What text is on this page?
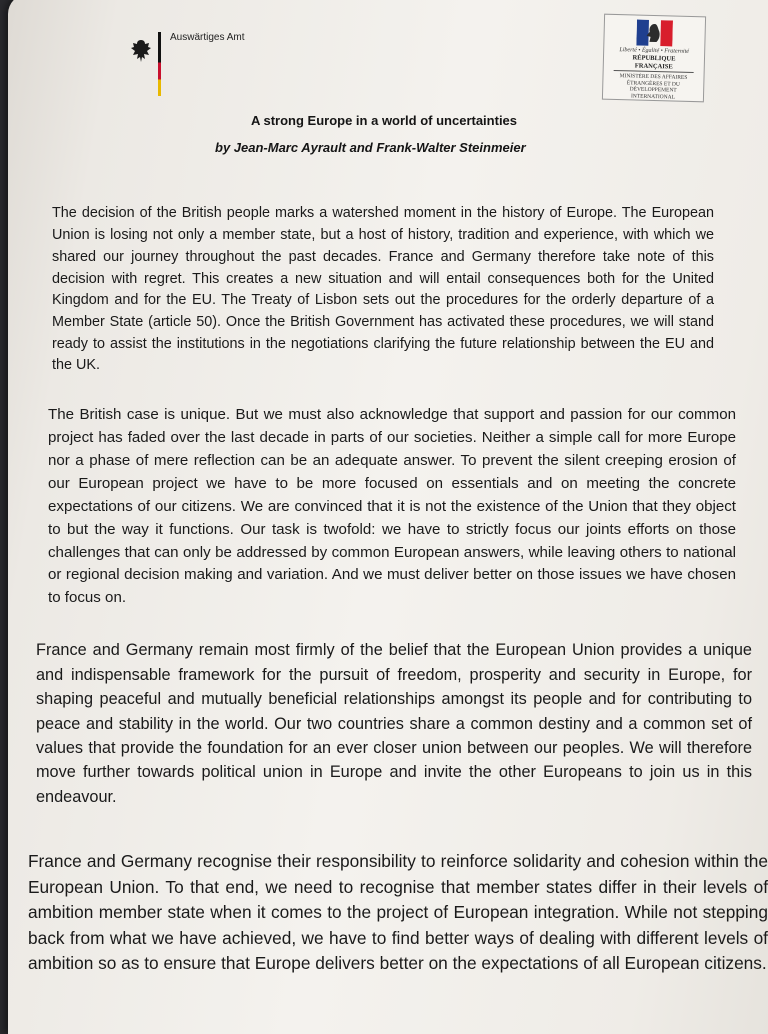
Auswärtiges Amt
Liberté • Égalité • Fraternité
RÉPUBLIQUE FRANÇAISE
MINISTÈRE DES AFFAIRES ÉTRANGÈRES ET DU DÉVELOPPEMENT INTERNATIONAL
A strong Europe in a world of uncertainties
by Jean-Marc Ayrault and Frank-Walter Steinmeier

The decision of the British people marks a watershed moment in the history of Europe. The European Union is losing not only a member state, but a host of history, tradition and experience, with which we shared our journey throughout the past decades. France and Germany therefore take note of this decision with regret. This creates a new situation and will entail consequences both for the United Kingdom and for the EU. The Treaty of Lisbon sets out the procedures for the orderly departure of a Member State (article 50). Once the British Government has activated these procedures, we will stand ready to assist the institutions in the negotiations clarifying the future relationship between the EU and the UK.

The British case is unique. But we must also acknowledge that support and passion for our common project has faded over the last decade in parts of our societies. Neither a simple call for more Europe nor a phase of mere reflection can be an adequate answer. To prevent the silent creeping erosion of our European project we have to be more focused on essentials and on meeting the concrete expectations of our citizens. We are convinced that it is not the existence of the Union that they object to but the way it functions. Our task is twofold: we have to strictly focus our joints efforts on those challenges that can only be addressed by common European answers, while leaving others to national or regional decision making and variation. And we must deliver better on those issues we have chosen to focus on.

France and Germany remain most firmly of the belief that the European Union provides a unique and indispensable framework for the pursuit of freedom, prosperity and security in Europe, for shaping peaceful and mutually beneficial relationships amongst its people and for contributing to peace and stability in the world. Our two countries share a common destiny and a common set of values that provide the foundation for an ever closer union between our peoples. We will therefore move further towards political union in Europe and invite the other Europeans to join us in this endeavour.

France and Germany recognise their responsibility to reinforce solidarity and cohesion within the European Union. To that end, we need to recognise that member states differ in their levels of ambition member state when it comes to the project of European integration. While not stepping back from what we have achieved, we have to find better ways of dealing with different levels of ambition so as to ensure that Europe delivers better on the expectations of all European citizens.
